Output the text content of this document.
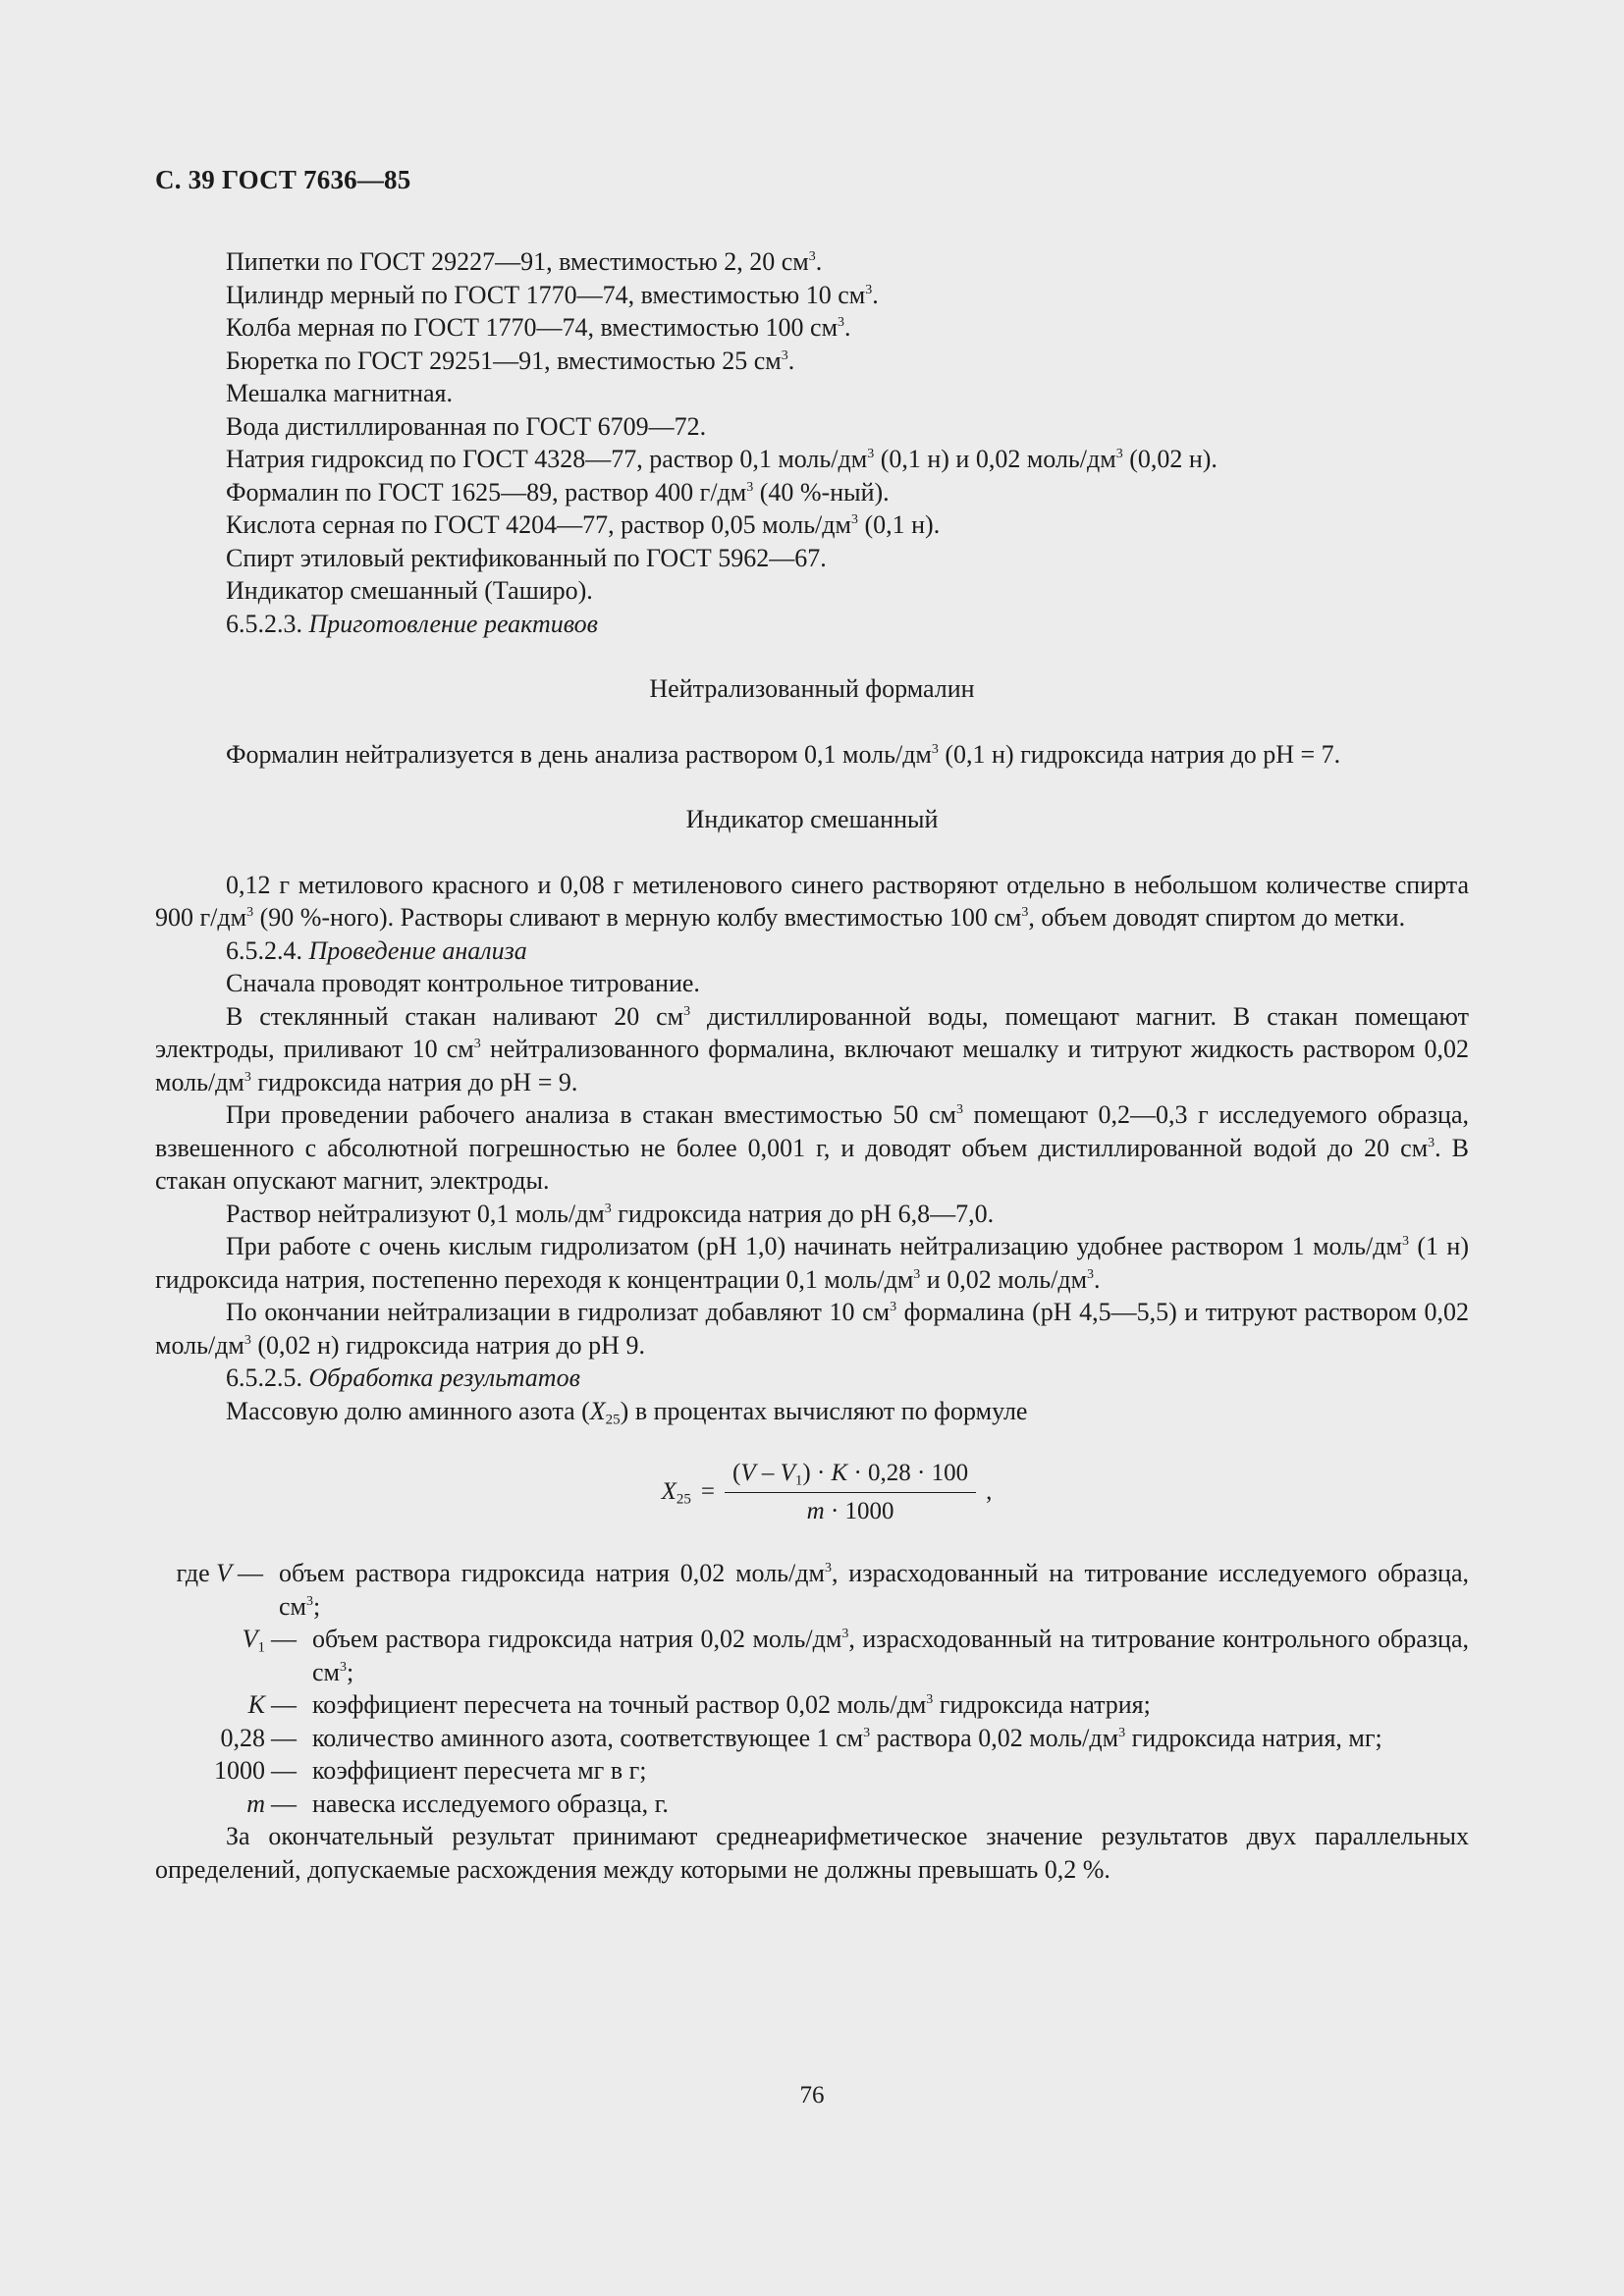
С. 39 ГОСТ 7636—85

Пипетки по ГОСТ 29227—91, вместимостью 2, 20 $см^3$.

Цилиндр мерный по ГОСТ 1770—74, вместимостью 10 $см^3$.

Колба мерная по ГОСТ 1770—74, вместимостью 100 $см^3$.

Бюретка по ГОСТ 29251—91, вместимостью 25 $см^3$.

Мешалка магнитная.

Вода дистиллированная по ГОСТ 6709—72.

Натрия гидроксид по ГОСТ 4328—77, раствор 0,1 моль/$дм^3$ (0,1 н) и 0,02 моль/$дм^3$ (0,02 н).

Формалин по ГОСТ 1625—89, раствор 400 $г/дм^3$ (40 %-ный).

Кислота серная по ГОСТ 4204—77, раствор 0,05 моль/$дм^3$ (0,1 н).

Спирт этиловый ректификованный по ГОСТ 5962—67.

Индикатор смешанный (Таширо).

6.5.2.3. Приготовление реактивов

Нейтрализованный формалин

Формалин нейтрализуется в день анализа раствором 0,1 моль/$дм^3$ (0,1 н) гидроксида натрия до pH = 7.

Индикатор смешанный

0,12 г метилового красного и 0,08 г метиленового синего растворяют отдельно в небольшом количестве спирта 900 $г/дм^3$ (90 %-ного). Растворы сливают в мерную колбу вместимостью 100 $см^3$, объем доводят спиртом до метки.

6.5.2.4. Проведение анализа

Сначала проводят контрольное титрование.

В стеклянный стакан наливают 20 $см^3$ дистиллированной воды, помещают магнит. В стакан помещают электроды, приливают 10 $см^3$ нейтрализованного формалина, включают мешалку и титруют жидкость раствором 0,02 моль/$дм^3$ гидроксида натрия до pH = 9.

При проведении рабочего анализа в стакан вместимостью 50 $см^3$ помещают 0,2—0,3 г исследуемого образца, взвешенного с абсолютной погрешностью не более 0,001 г, и доводят объем дистиллированной водой до 20 $см^3$. В стакан опускают магнит, электроды.

Раствор нейтрализуют 0,1 моль/$дм^3$ гидроксида натрия до pH 6,8—7,0.

При работе с очень кислым гидролизатом (pH 1,0) начинать нейтрализацию удобнее раствором 1 моль/$дм^3$ (1 н) гидроксида натрия, постепенно переходя к концентрации 0,1 моль/$дм^3$ и 0,02 моль/$дм^3$.

По окончании нейтрализации в гидролизат добавляют 10 $см^3$ формалина (pH 4,5—5,5) и титруют раствором 0,02 моль/$дм^3$ (0,02 н) гидроксида натрия до pH 9.

6.5.2.5. Обработка результатов

Массовую долю аминного азота $(X_{25})$ в процентах вычисляют по формуле

$X_{25} = \frac{(V - V_1) \cdot K \cdot 0,28 \cdot 100}{m \cdot 1000}$ ,
где V — объем раствора гидроксида натрия 0,02 моль/$дм^3$, израсходованный на титрование исследуемого образца, $см^3$;
$V_1$ — объем раствора гидроксида натрия 0,02 моль/$дм^3$, израсходованный на титрование контрольного образца, $см^3$;
K — коэффициент пересчета на точный раствор 0,02 моль/$дм^3$ гидроксида натрия;
0,28 — количество аминного азота, соответствующее 1 $см^3$ раствора 0,02 моль/$дм^3$ гидроксида натрия, мг;
1000 — коэффициент пересчета мг в г;
m — навеска исследуемого образца, г.

За окончательный результат принимают среднеарифметическое значение результатов двух параллельных определений, допускаемые расхождения между которыми не должны превышать 0,2 %.

76
